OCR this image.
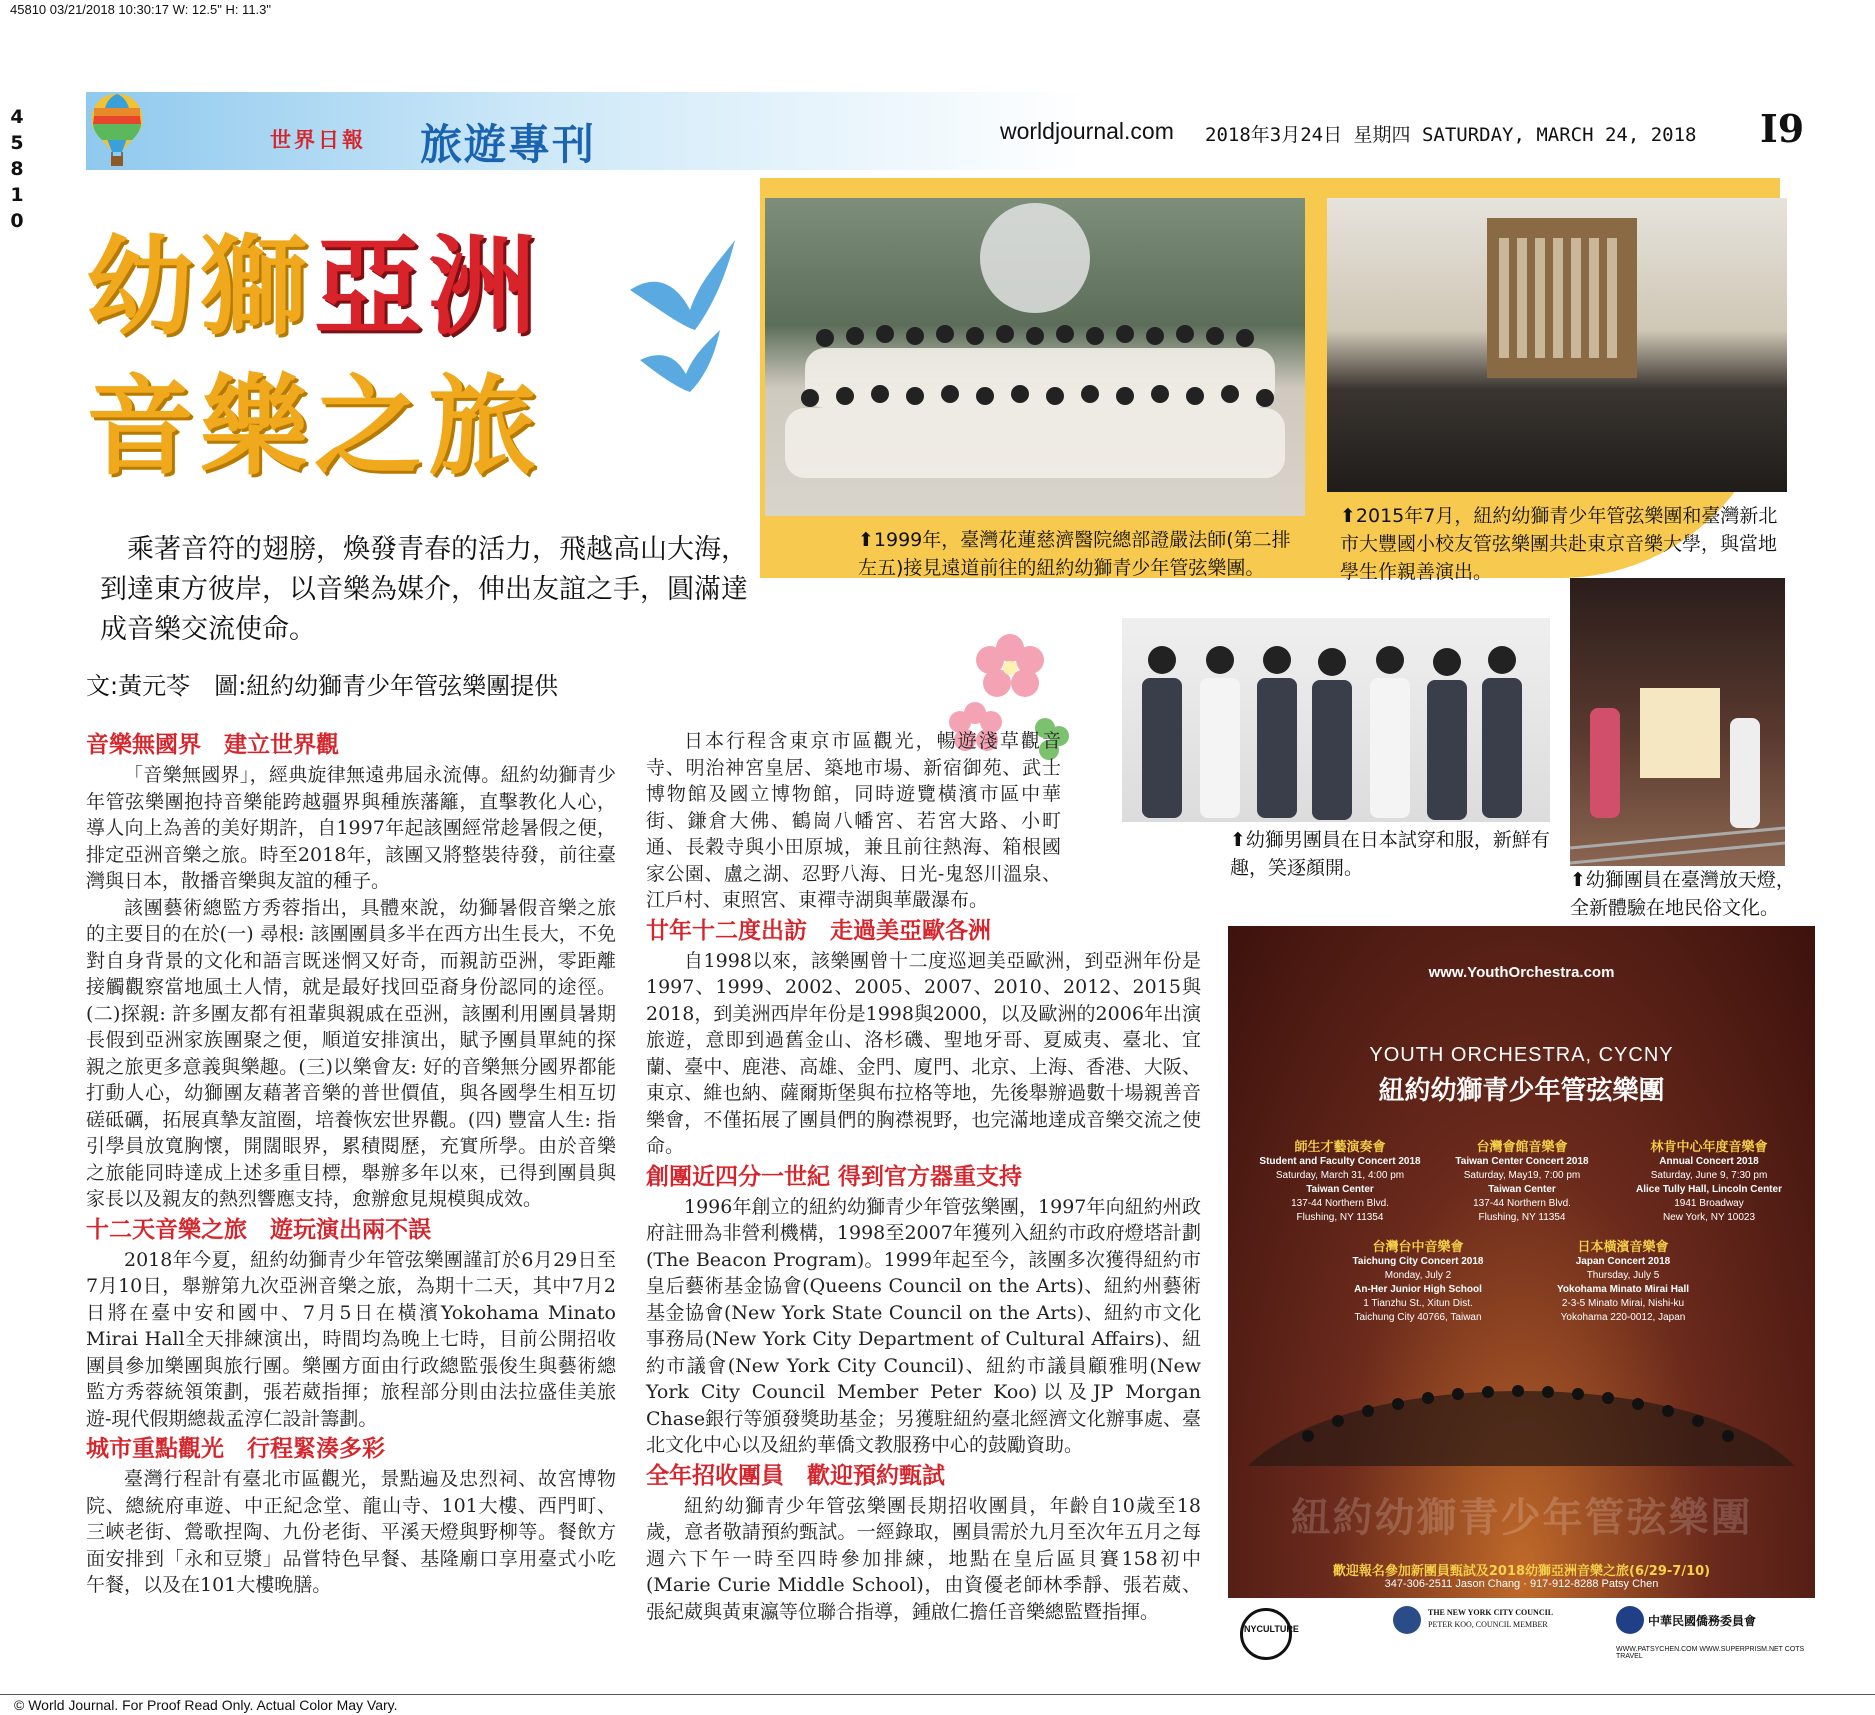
45810 03/21/2018 10:30:17 W: 12.5" H: 11.3"
4
5
8
1
0
世界日報 旅遊專刊	worldjournal.com 2018年3月24日 星期四 SATURDAY, MARCH 24, 2018 I9
幼獅亞洲
音樂之旅
乘著音符的翅膀，煥發青春的活力，飛越高山大海，到達東方彼岸，以音樂為媒介，伸出友誼之手，圓滿達成音樂交流使命。
文:黃元苓　圖:紐約幼獅青少年管弦樂團提供
⬆1999年，臺灣花蓮慈濟醫院總部證嚴法師(第二排左五)接見遠道前往的紐約幼獅青少年管弦樂團。
⬆2015年7月，紐約幼獅青少年管弦樂團和臺灣新北市大豐國小校友管弦樂團共赴東京音樂大學，與當地學生作親善演出。
⬆幼獅男團員在日本試穿和服，新鮮有趣，笑逐顏開。
⬆幼獅團員在臺灣放天燈，全新體驗在地民俗文化。
音樂無國界　建立世界觀

「音樂無國界」，經典旋律無遠弗屆永流傳。紐約幼獅青少年管弦樂團抱持音樂能跨越疆界與種族藩籬，直擊教化人心，導人向上為善的美好期許，自1997年起該團經常趁暑假之便，排定亞洲音樂之旅。時至2018年，該團又將整裝待發，前往臺灣與日本，散播音樂與友誼的種子。

該團藝術總監方秀蓉指出，具體來說，幼獅暑假音樂之旅的主要目的在於(一) 尋根: 該團團員多半在西方出生長大，不免對自身背景的文化和語言既迷惘又好奇，而親訪亞洲，零距離接觸觀察當地風土人情，就是最好找回亞裔身份認同的途徑。(二)探親: 許多團友都有祖輩與親戚在亞洲，該團利用團員暑期長假到亞洲家族團聚之便，順道安排演出，賦予團員單純的探親之旅更多意義與樂趣。(三)以樂會友: 好的音樂無分國界都能打動人心，幼獅團友藉著音樂的普世價值，與各國學生相互切磋砥礪，拓展真摯友誼圈，培養恢宏世界觀。(四) 豐富人生: 指引學員放寬胸懷，開闊眼界，累積閱歷，充實所學。由於音樂之旅能同時達成上述多重目標，舉辦多年以來，已得到團員與家長以及親友的熱烈響應支持，愈辦愈見規模與成效。

十二天音樂之旅　遊玩演出兩不誤

2018年今夏，紐約幼獅青少年管弦樂團謹訂於6月29日至7月10日，舉辦第九次亞洲音樂之旅，為期十二天，其中7月2日將在臺中安和國中、7月5日在橫濱Yokohama Minato Mirai Hall全天排練演出，時間均為晚上七時，目前公開招收團員參加樂團與旅行團。樂團方面由行政總監張俊生與藝術總監方秀蓉統領策劃，張若葳指揮；旅程部分則由法拉盛佳美旅遊-現代假期總裁孟淳仁設計籌劃。

城市重點觀光　行程緊湊多彩

臺灣行程計有臺北市區觀光，景點遍及忠烈祠、故宮博物院、總統府車遊、中正紀念堂、龍山寺、101大樓、西門町、三峽老街、鶯歌捏陶、九份老街、平溪天燈與野柳等。餐飲方面安排到「永和豆漿」品嘗特色早餐、基隆廟口享用臺式小吃午餐，以及在101大樓晚膳。

日本行程含東京市區觀光，暢遊淺草觀音寺、明治神宮皇居、築地市場、新宿御苑、武士博物館及國立博物館，同時遊覽橫濱市區中華街、鎌倉大佛、鶴崗八幡宮、若宮大路、小町通、長穀寺與小田原城，兼且前往熱海、箱根國家公園、盧之湖、忍野八海、日光-鬼怒川溫泉、江戶村、東照宮、東禪寺湖與華嚴瀑布。

廿年十二度出訪　走過美亞歐各洲

自1998以來，該樂團曾十二度巡迴美亞歐洲，到亞洲年份是1997、1999、2002、2005、2007、2010、2012、2015與2018，到美洲西岸年份是1998與2000，以及歐洲的2006年出演旅遊，意即到過舊金山、洛杉磯、聖地牙哥、夏威夷、臺北、宜蘭、臺中、鹿港、高雄、金門、廈門、北京、上海、香港、大阪、東京、維也納、薩爾斯堡與布拉格等地，先後舉辦過數十場親善音樂會，不僅拓展了團員們的胸襟視野，也完滿地達成音樂交流之使命。

創團近四分一世紀 得到官方器重支持

1996年創立的紐約幼獅青少年管弦樂團，1997年向紐約州政府註冊為非營利機構，1998至2007年獲列入紐約市政府燈塔計劃(The Beacon Program)。1999年起至今，該團多次獲得紐約市皇后藝術基金協會(Queens Council on the Arts)、紐約州藝術基金協會(New York State Council on the Arts)、紐約市文化事務局(New York City Department of Cultural Affairs)、紐約市議會(New York City Council)、紐約市議員顧雅明(New York City Council Member Peter Koo)以及JP Morgan Chase銀行等頒發獎助基金；另獲駐紐約臺北經濟文化辦事處、臺北文化中心以及紐約華僑文教服務中心的鼓勵資助。

全年招收團員　歡迎預約甄試

紐約幼獅青少年管弦樂團長期招收團員，年齡自10歲至18歲，意者敬請預約甄試。一經錄取，團員需於九月至次年五月之每週六下午一時至四時參加排練，地點在皇后區貝賽158初中(Marie Curie Middle School)，由資優老師林季靜、張若葳、張紀葳與黃東瀛等位聯合指導，鍾啟仁擔任音樂總監暨指揮。

www.YouthOrchestra.com
YOUTH ORCHESTRA, CYCNY
紐約幼獅青少年管弦樂團
師生才藝演奏會
Student and Faculty Concert 2018
Saturday, March 31, 4:00 pm
Taiwan Center
137-44 Northern Blvd.
Flushing, NY 11354
台灣會館音樂會
Taiwan Center Concert 2018
Saturday, May19, 7:00 pm
Taiwan Center
137-44 Northern Blvd.
Flushing, NY 11354
林肯中心年度音樂會
Annual Concert 2018
Saturday, June 9, 7:30 pm
Alice Tully Hall, Lincoln Center
1941 Broadway
New York, NY 10023
台灣台中音樂會
Taichung City Concert 2018
Monday, July 2
An-Her Junior High School
1 Tianzhu St., Xitun Dist.
Taichung City 40766, Taiwan
日本橫濱音樂會
Japan Concert 2018
Thursday, July 5
Yokohama Minato Mirai Hall
2-3-5 Minato Mirai, Nishi-ku
Yokohama 220-0012, Japan
紐約幼獅青少年管弦樂團
歡迎報名參加新團員甄試及2018幼獅亞洲音樂之旅(6/29-7/10)
347-306-2511 Jason Chang · 917-912-8288 Patsy Chen
NYCULTURE
THE NEW YORK CITY COUNCIL
PETER KOO, COUNCIL MEMBER	中華民國僑務委員會
WWW.PATSYCHEN.COM WWW.SUPERPRISM.NET COTS TRAVEL
© World Journal. For Proof Read Only. Actual Color May Vary.
